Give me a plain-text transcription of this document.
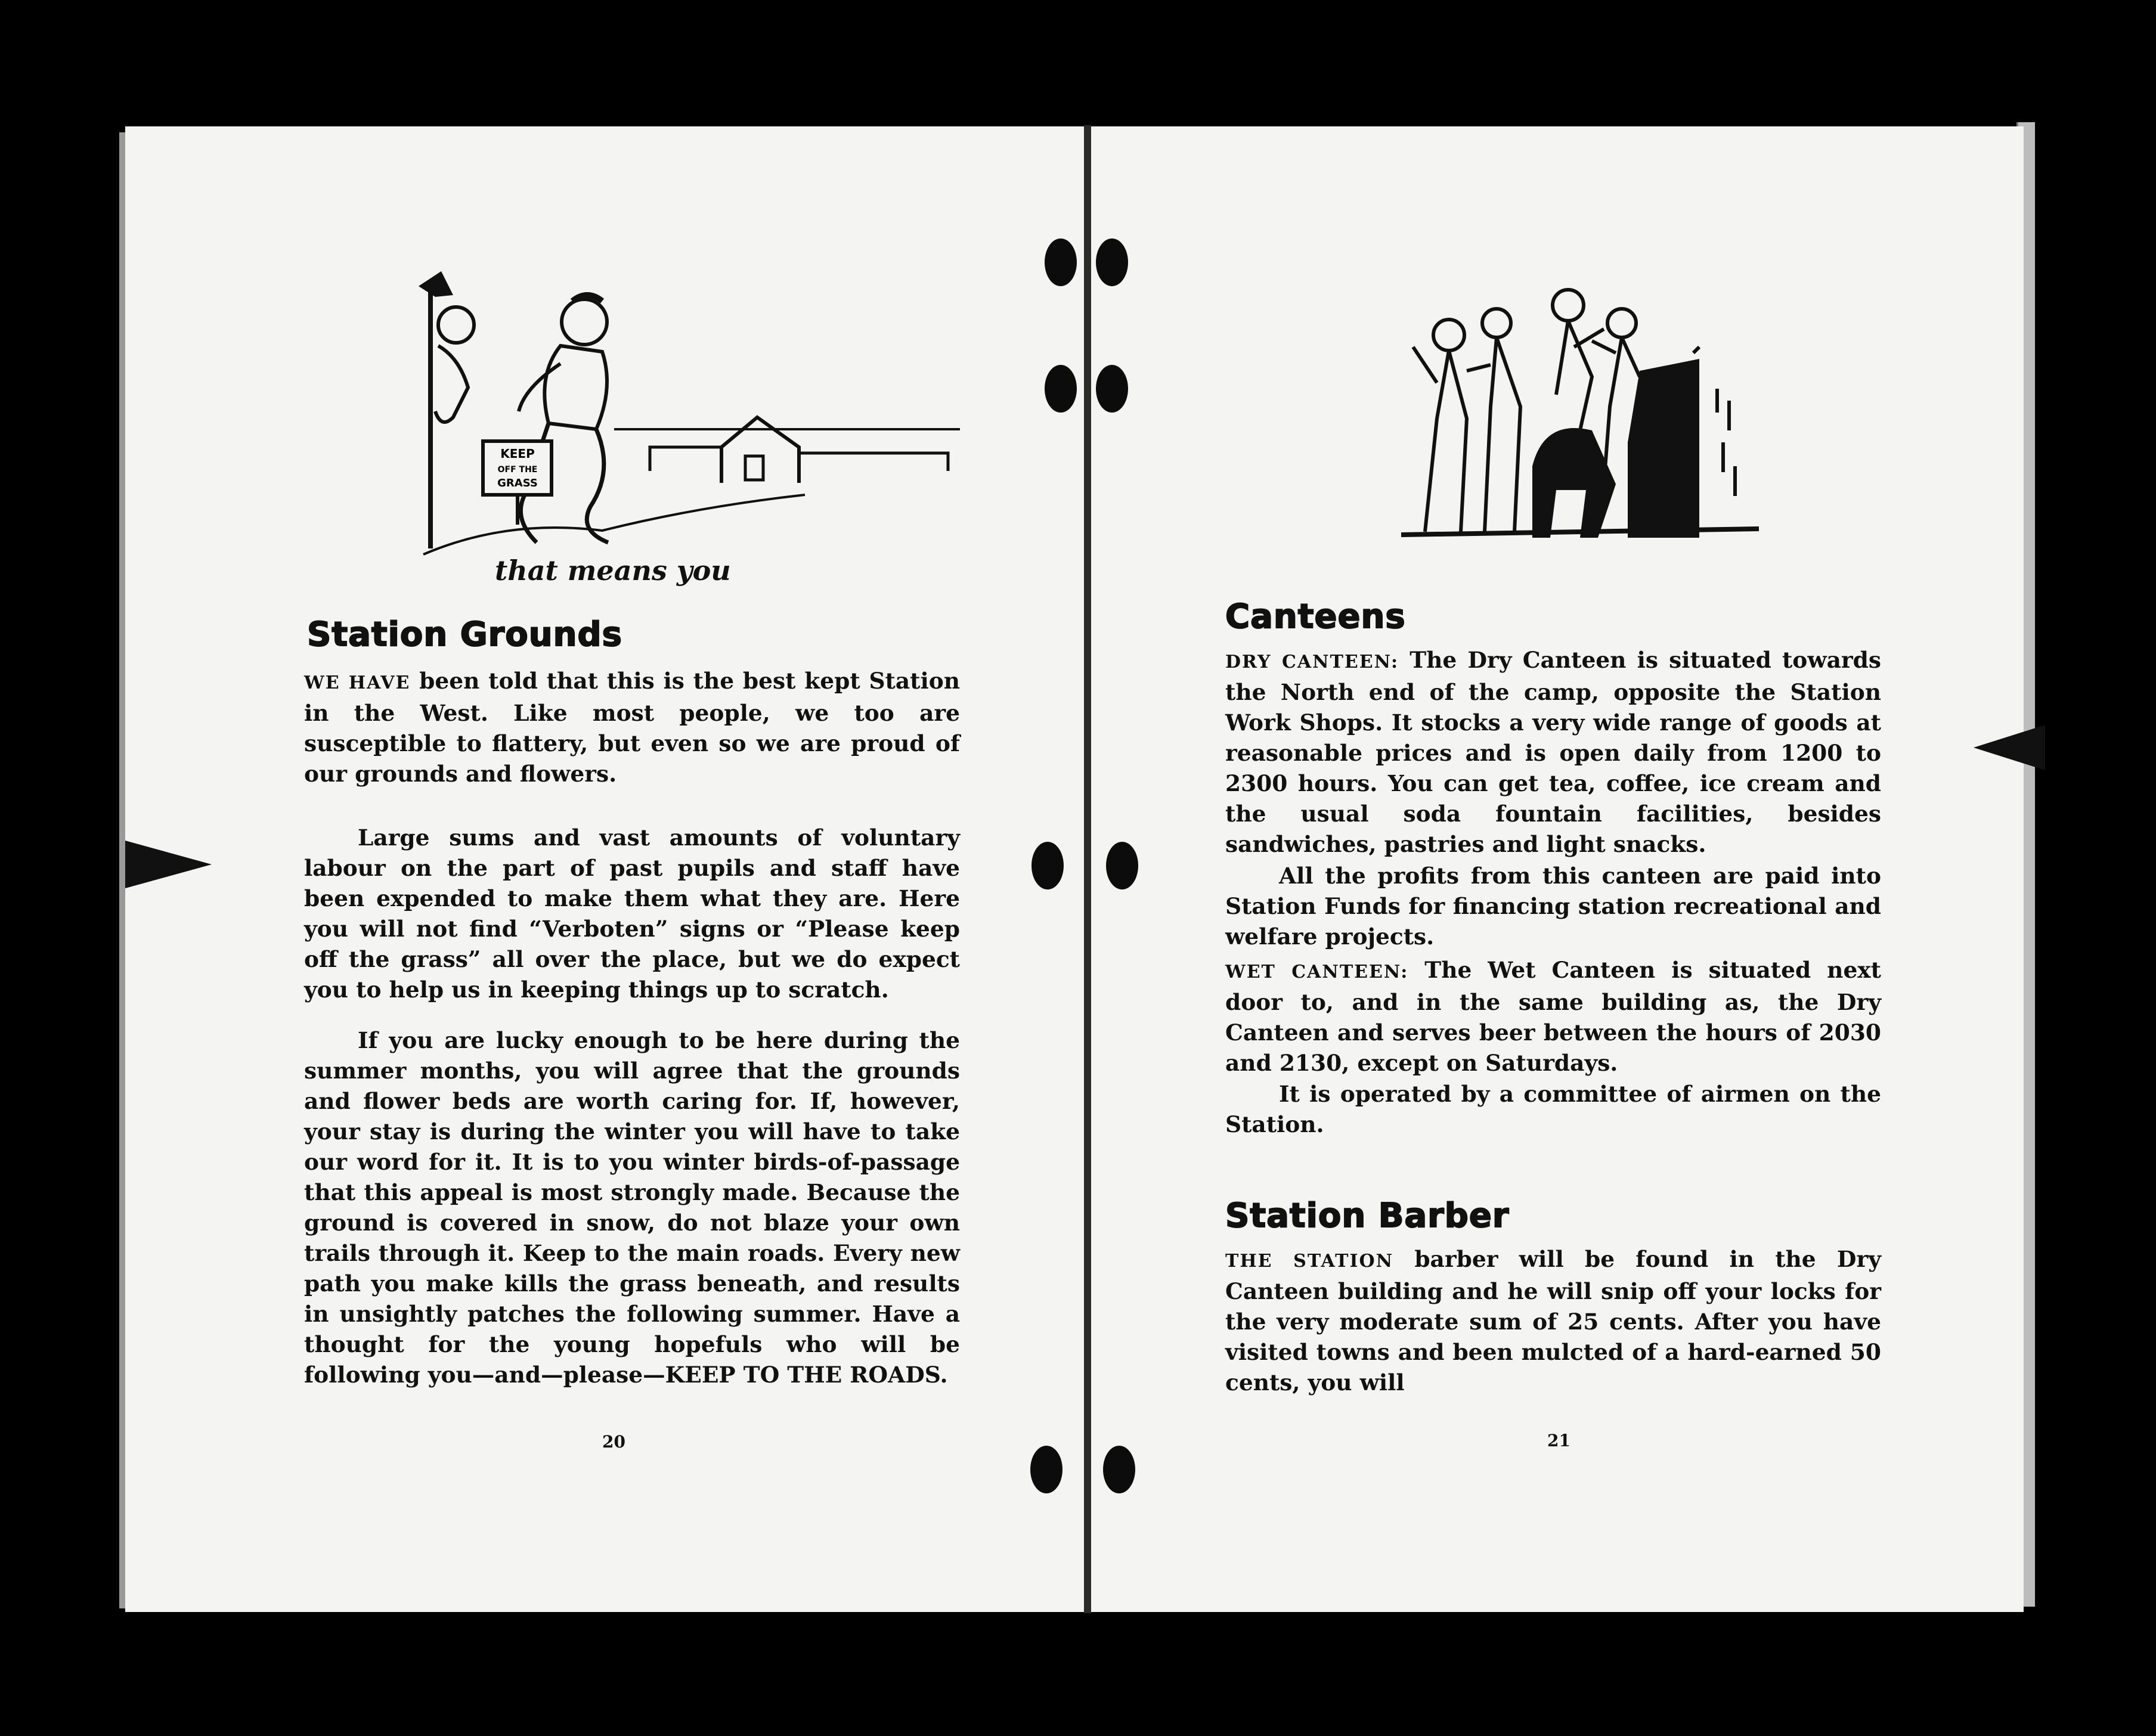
KEEP
OFF THE
GRASS
that means you
Station Grounds

WE HAVE been told that this is the best kept Station in the West. Like most people, we too are susceptible to flattery, but even so we are proud of our grounds and flowers.

Large sums and vast amounts of voluntary labour on the part of past pupils and staff have been expended to make them what they are. Here you will not find “Verboten” signs or “Please keep off the grass” all over the place, but we do expect you to help us in keeping things up to scratch.

If you are lucky enough to be here during the summer months, you will agree that the grounds and flower beds are worth caring for. If, however, your stay is during the winter you will have to take our word for it. It is to you winter birds-of-passage that this appeal is most strongly made. Because the ground is covered in snow, do not blaze your own trails through it. Keep to the main roads. Every new path you make kills the grass beneath, and results in unsightly patches the following summer. Have a thought for the young hopefuls who will be following you—and—please—KEEP TO THE ROADS.

20
Canteens

DRY CANTEEN: The Dry Canteen is situated towards the North end of the camp, opposite the Station Work Shops. It stocks a very wide range of goods at reasonable prices and is open daily from 1200 to 2300 hours. You can get tea, coffee, ice cream and the usual soda fountain facilities, besides sandwiches, pastries and light snacks.

All the profits from this canteen are paid into Station Funds for financing station recreational and welfare projects.

WET CANTEEN: The Wet Canteen is situated next door to, and in the same building as, the Dry Canteen and serves beer between the hours of 2030 and 2130, except on Saturdays.

It is operated by a committee of airmen on the Station.

Station Barber

THE STATION barber will be found in the Dry Canteen building and he will snip off your locks for the very moderate sum of 25 cents. After you have visited towns and been mulcted of a hard-earned 50 cents, you will

21
